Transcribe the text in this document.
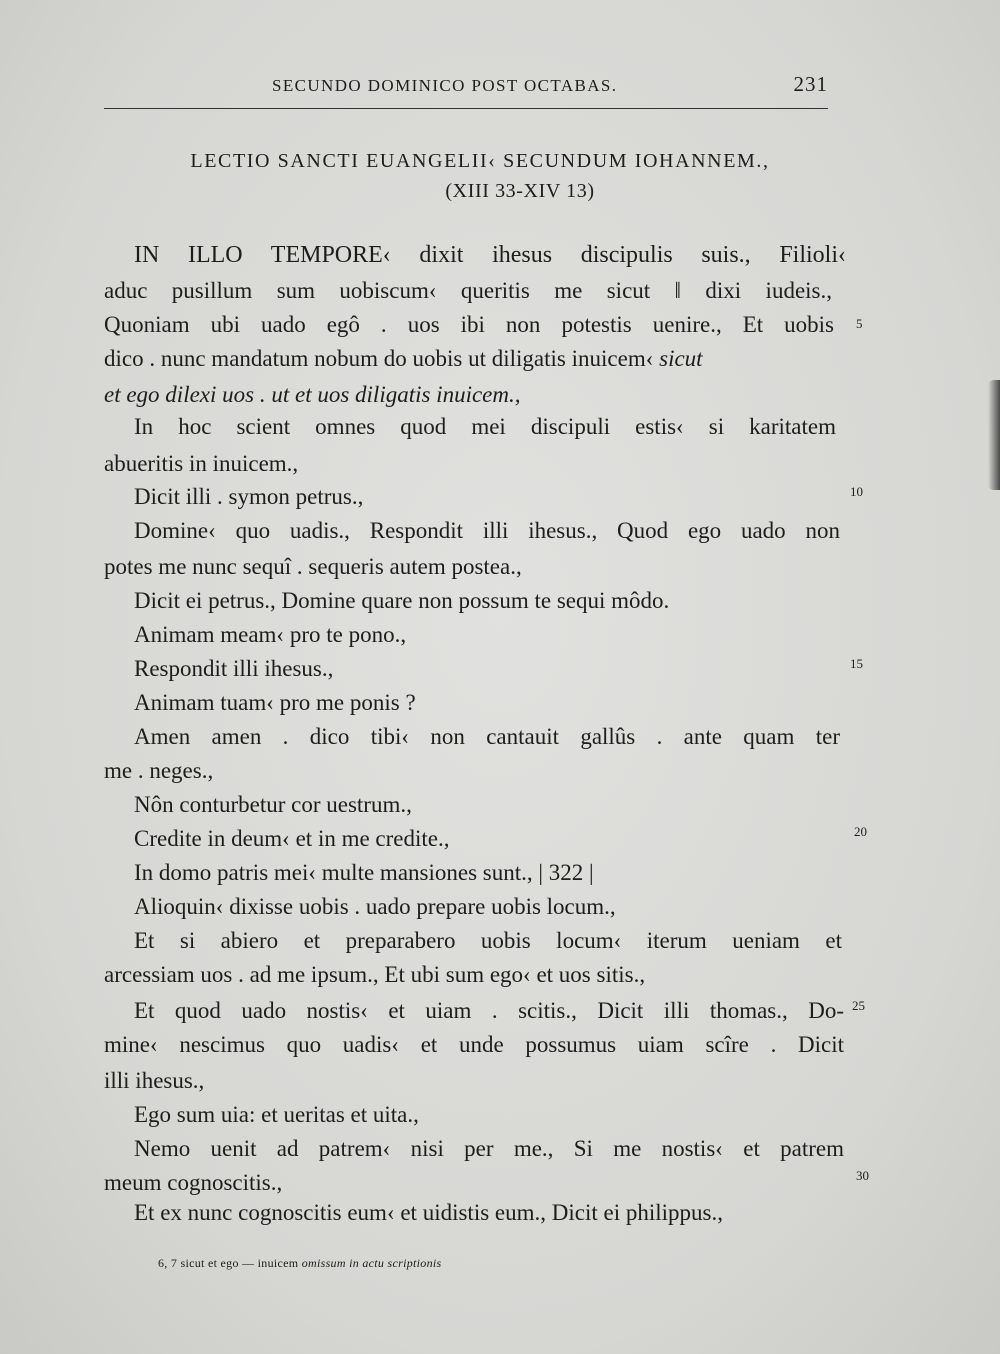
SECUNDO DOMINICO POST OCTABAS.	231
LECTIO SANCTI EUANGELII‹ SECUNDUM IOHANNEM.,
(XIII 33-XIV 13)
IN ILLO TEMPORE‹ dixit ihesus discipulis suis., Filioli‹
aduc pusillum sum uobiscum‹ queritis me sicut ‖ dixi iudeis.,
Quoniam ubi uado egô . uos ibi non potestis uenire., Et uobis
dico . nunc mandatum nobum do uobis ut diligatis inuicem‹ sicut
et ego dilexi uos . ut et uos diligatis inuicem.,
In hoc scient omnes quod mei discipuli estis‹ si karitatem
abueritis in inuicem.,
Dicit illi . symon petrus.,
Domine‹ quo uadis., Respondit illi ihesus., Quod ego uado non
potes me nunc sequî . sequeris autem postea.,
Dicit ei petrus., Domine quare non possum te sequi môdo.
Animam meam‹ pro te pono.,
Respondit illi ihesus.,
Animam tuam‹ pro me ponis ?
Amen amen . dico tibi‹ non cantauit gallûs . ante quam ter
me . neges.,
Nôn conturbetur cor uestrum.,
Credite in deum‹ et in me credite.,
In domo patris mei‹ multe mansiones sunt., | 322 |
Alioquin‹ dixisse uobis . uado prepare uobis locum.,
Et si abiero et preparabero uobis locum‹ iterum ueniam et
arcessiam uos . ad me ipsum., Et ubi sum ego‹ et uos sitis.,
Et quod uado nostis‹ et uiam . scitis., Dicit illi thomas., Do-
mine‹ nescimus quo uadis‹ et unde possumus uiam scîre . Dicit
illi ihesus.,
Ego sum uia: et ueritas et uita.,
Nemo uenit ad patrem‹ nisi per me., Si me nostis‹ et patrem
meum cognoscitis.,
Et ex nunc cognoscitis eum‹ et uidistis eum., Dicit ei philippus.,
5
10
15
20
25
30
6, 7 sicut et ego — inuicem omissum in actu scriptionis
